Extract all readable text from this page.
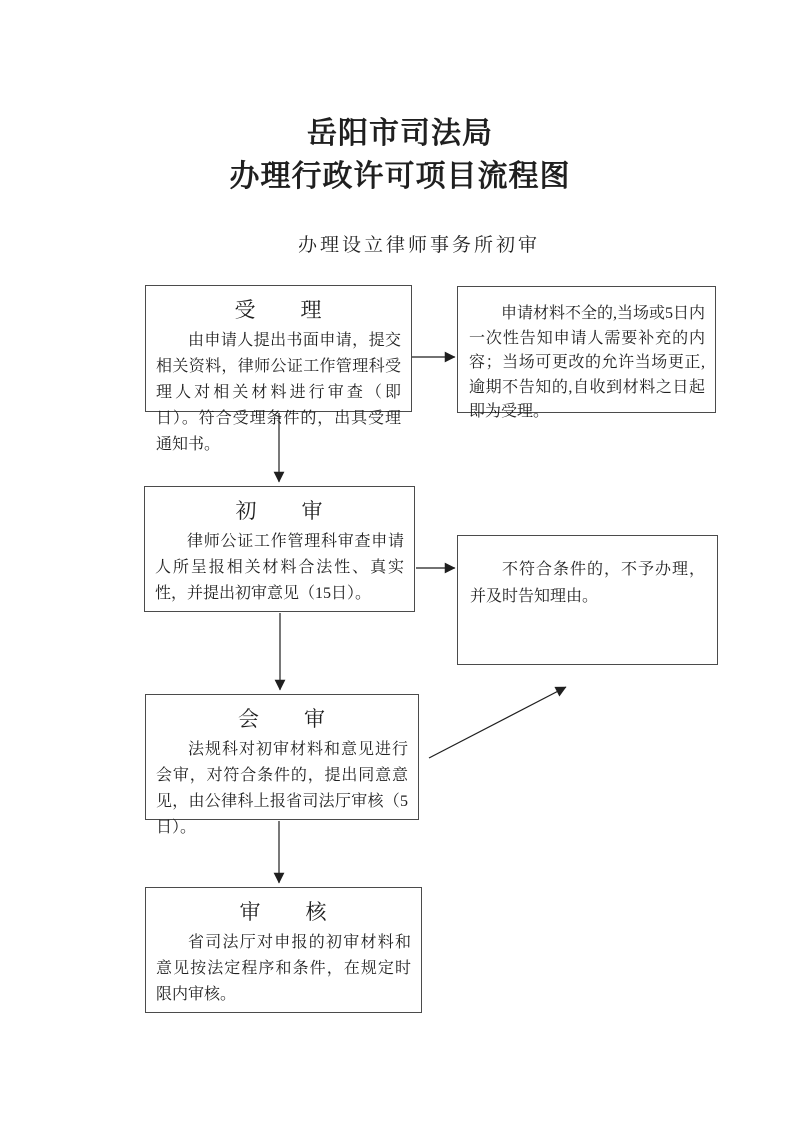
岳阳市司法局
办理行政许可项目流程图
办理设立律师事务所初审
受　　理

由申请人提出书面申请，提交相关资料，律师公证工作管理科受理人对相关材料进行审查（即日）。符合受理条件的，出具受理通知书。

初　　审

律师公证工作管理科审查申请人所呈报相关材料合法性、真实性，并提出初审意见（15日）。

会　　审

法规科对初审材料和意见进行会审，对符合条件的，提出同意意见，由公律科上报省司法厅审核（5日）。

审　　核

省司法厅对申报的初审材料和意见按法定程序和条件，在规定时限内审核。

申请材料不全的,当场或5日内一次性告知申请人需要补充的内容；当场可更改的允许当场更正,逾期不告知的,自收到材料之日起即为受理。

不符合条件的，不予办理，并及时告知理由。
